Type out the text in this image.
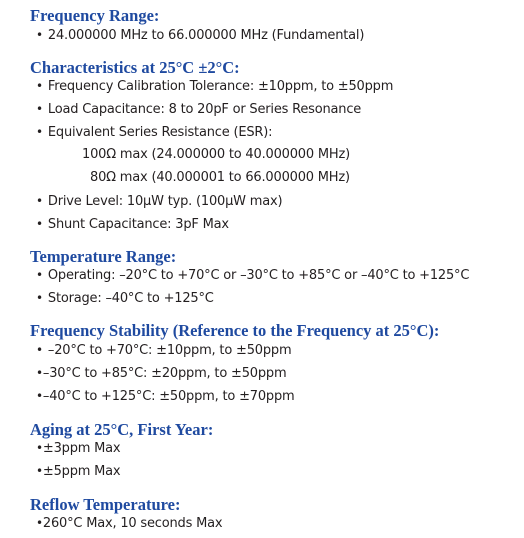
Frequency Range:

• 24.000000 MHz to 66.000000 MHz (Fundamental)

Characteristics at 25°C ±2°C:

• Frequency Calibration Tolerance: ±10ppm, to ±50ppm

• Load Capacitance: 8 to 20pF or Series Resonance

• Equivalent Series Resistance (ESR):

100Ω max (24.000000 to 40.000000 MHz)

80Ω max (40.000001 to 66.000000 MHz)

• Drive Level: 10μW typ. (100μW max)

• Shunt Capacitance: 3pF Max

Temperature Range:

• Operating: –20°C to +70°C or –30°C to +85°C or –40°C to +125°C

• Storage: –40°C to +125°C

Frequency Stability (Reference to the Frequency at 25°C):

• –20°C to +70°C: ±10ppm, to ±50ppm

•–30°C to +85°C: ±20ppm, to ±50ppm

•–40°C to +125°C: ±50ppm, to ±70ppm

Aging at 25°C, First Year:

•±3ppm Max

•±5ppm Max

Reflow Temperature:

•260°C Max, 10 seconds Max
